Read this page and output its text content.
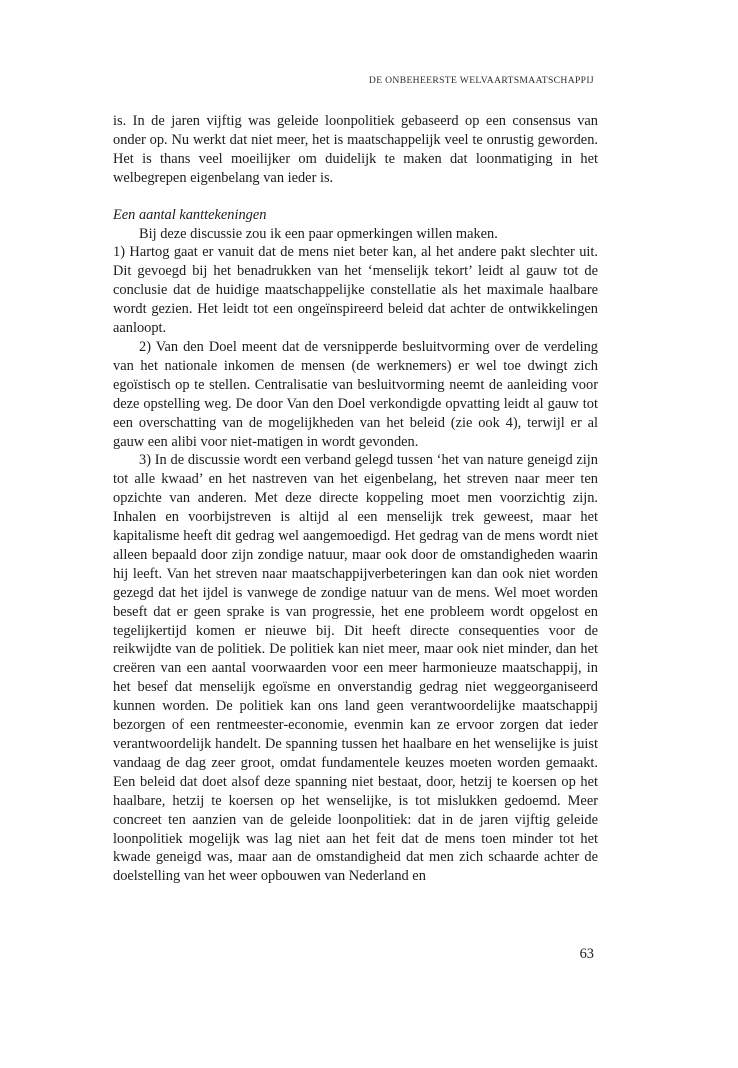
DE ONBEHEERSTE WELVAARTSMAATSCHAPPIJ

is. In de jaren vijftig was geleide loonpolitiek gebaseerd op een consensus van onder op. Nu werkt dat niet meer, het is maatschappelijk veel te onrustig geworden. Het is thans veel moeilijker om duidelijk te maken dat loonmatiging in het welbegrepen eigenbelang van ieder is.

Een aantal kanttekeningen

Bij deze discussie zou ik een paar opmerkingen willen maken.

1) Hartog gaat er vanuit dat de mens niet beter kan, al het andere pakt slechter uit. Dit gevoegd bij het benadrukken van het ‘menselijk tekort’ leidt al gauw tot de conclusie dat de huidige maatschappelijke constellatie als het maximale haalbare wordt gezien. Het leidt tot een ongeïnspireerd beleid dat achter de ontwikkelingen aanloopt.

2) Van den Doel meent dat de versnipperde besluitvorming over de verdeling van het nationale inkomen de mensen (de werknemers) er wel toe dwingt zich egoïstisch op te stellen. Centralisatie van besluitvorming neemt de aanleiding voor deze opstelling weg. De door Van den Doel verkondigde opvatting leidt al gauw tot een overschatting van de mogelijkheden van het beleid (zie ook 4), terwijl er al gauw een alibi voor niet-matigen in wordt gevonden.

3) In de discussie wordt een verband gelegd tussen ‘het van nature geneigd zijn tot alle kwaad’ en het nastreven van het eigenbelang, het streven naar meer ten opzichte van anderen. Met deze directe koppeling moet men voorzichtig zijn. Inhalen en voorbijstreven is altijd al een menselijk trek geweest, maar het kapitalisme heeft dit gedrag wel aangemoedigd. Het gedrag van de mens wordt niet alleen bepaald door zijn zondige natuur, maar ook door de omstandigheden waarin hij leeft. Van het streven naar maatschappijverbeteringen kan dan ook niet worden gezegd dat het ijdel is vanwege de zondige natuur van de mens. Wel moet worden beseft dat er geen sprake is van progressie, het ene probleem wordt opgelost en tegelijkertijd komen er nieuwe bij. Dit heeft directe consequenties voor de reikwijdte van de politiek. De politiek kan niet meer, maar ook niet minder, dan het creëren van een aantal voorwaarden voor een meer harmonieuze maatschappij, in het besef dat menselijk egoïsme en onverstandig gedrag niet weggeorganiseerd kunnen worden. De politiek kan ons land geen verantwoordelijke maatschappij bezorgen of een rentmeester-economie, evenmin kan ze ervoor zorgen dat ieder verantwoordelijk handelt. De spanning tussen het haalbare en het wenselijke is juist vandaag de dag zeer groot, omdat fundamentele keuzes moeten worden gemaakt. Een beleid dat doet alsof deze spanning niet bestaat, door, hetzij te koersen op het haalbare, hetzij te koersen op het wenselijke, is tot mislukken gedoemd. Meer concreet ten aanzien van de geleide loonpolitiek: dat in de jaren vijftig geleide loonpolitiek mogelijk was lag niet aan het feit dat de mens toen minder tot het kwade geneigd was, maar aan de omstandigheid dat men zich schaarde achter de doelstelling van het weer opbouwen van Nederland en

63
